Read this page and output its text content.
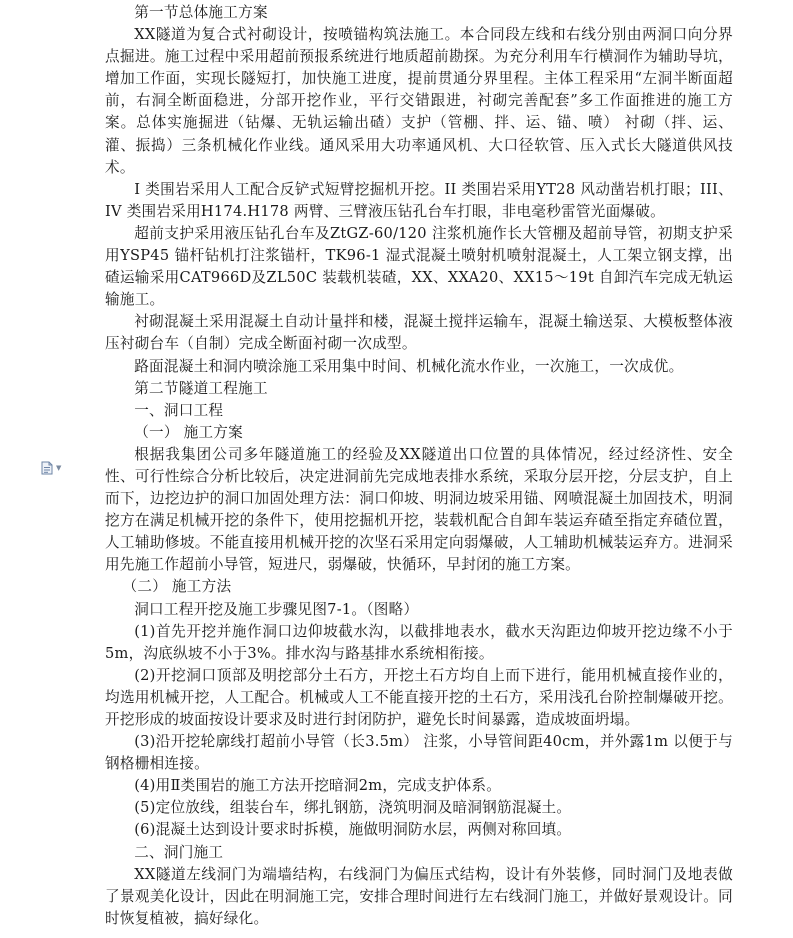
▼

第一节总体施工方案

XX隧道为复合式衬砌设计，按喷锚构筑法施工。本合同段左线和右线分别由两洞口向分界点掘进。施工过程中采用超前预报系统进行地质超前勘探。为充分利用车行横洞作为辅助导坑，增加工作面，实现长隧短打，加快施工进度，提前贯通分界里程。主体工程采用“左洞半断面超前，右洞全断面稳进，分部开挖作业，平行交错跟进，衬砌完善配套”多工作面推进的施工方案。总体实施掘进（钻爆、无轨运输出碴）支护（管棚、拌、运、锚、喷） 衬砌（拌、运、灌、振捣）三条机械化作业线。通风采用大功率通风机、大口径软管、压入式长大隧道供风技术。

I 类围岩采用人工配合反铲式短臂挖掘机开挖。II 类围岩采用YT28 风动凿岩机打眼；III、IV 类围岩采用H174.H178 两臂、三臂液压钻孔台车打眼，非电毫秒雷管光面爆破。

超前支护采用液压钻孔台车及ZtGZ-60/120 注浆机施作长大管棚及超前导管，初期支护采用YSP45 锚杆钻机打注浆锚杆，TK96-1 湿式混凝土喷射机喷射混凝土，人工架立钢支撑，出碴运输采用CAT966D及ZL50C 装载机装碴，XX、XXA20、XX15～19t 自卸汽车完成无轨运输施工。

衬砌混凝土采用混凝土自动计量拌和楼，混凝土搅拌运输车，混凝土输送泵、大模板整体液压衬砌台车（自制）完成全断面衬砌一次成型。

路面混凝土和洞内喷涂施工采用集中时间、机械化流水作业，一次施工，一次成优。

第二节隧道工程施工

一、洞口工程

（一） 施工方案

根据我集团公司多年隧道施工的经验及XX隧道出口位置的具体情况，经过经济性、安全性、可行性综合分析比较后，决定进洞前先完成地表排水系统，采取分层开挖，分层支护，自上而下，边挖边护的洞口加固处理方法：洞口仰坡、明洞边坡采用锚、网喷混凝土加固技术，明洞挖方在满足机械开挖的条件下，使用挖掘机开挖，装载机配合自卸车装运弃碴至指定弃碴位置，人工辅助修坡。不能直接用机械开挖的次坚石采用定向弱爆破，人工辅助机械装运弃方。进洞采用先施工作超前小导管，短进尺，弱爆破，快循环，早封闭的施工方案。

（二） 施工方法

洞口工程开挖及施工步骤见图7-1。（图略）

(1)首先开挖并施作洞口边仰坡截水沟，以截排地表水，截水天沟距边仰坡开挖边缘不小于5m，沟底纵坡不小于3%。排水沟与路基排水系统相衔接。

(2)开挖洞口顶部及明挖部分土石方，开挖土石方均自上而下进行，能用机械直接作业的，均选用机械开挖，人工配合。机械或人工不能直接开挖的土石方，采用浅孔台阶控制爆破开挖。开挖形成的坡面按设计要求及时进行封闭防护，避免长时间暴露，造成坡面坍塌。

(3)沿开挖轮廓线打超前小导管（长3.5m） 注浆，小导管间距40cm，并外露1m 以便于与钢格栅相连接。

(4)用Ⅱ类围岩的施工方法开挖暗洞2m，完成支护体系。

(5)定位放线，组装台车，绑扎钢筋，浇筑明洞及暗洞钢筋混凝土。

(6)混凝土达到设计要求时拆模，施做明洞防水层，两侧对称回填。

二、洞门施工

XX隧道左线洞门为端墙结构，右线洞门为偏压式结构，设计有外装修，同时洞门及地表做了景观美化设计，因此在明洞施工完，安排合理时间进行左右线洞门施工，并做好景观设计。同时恢复植被，搞好绿化。
